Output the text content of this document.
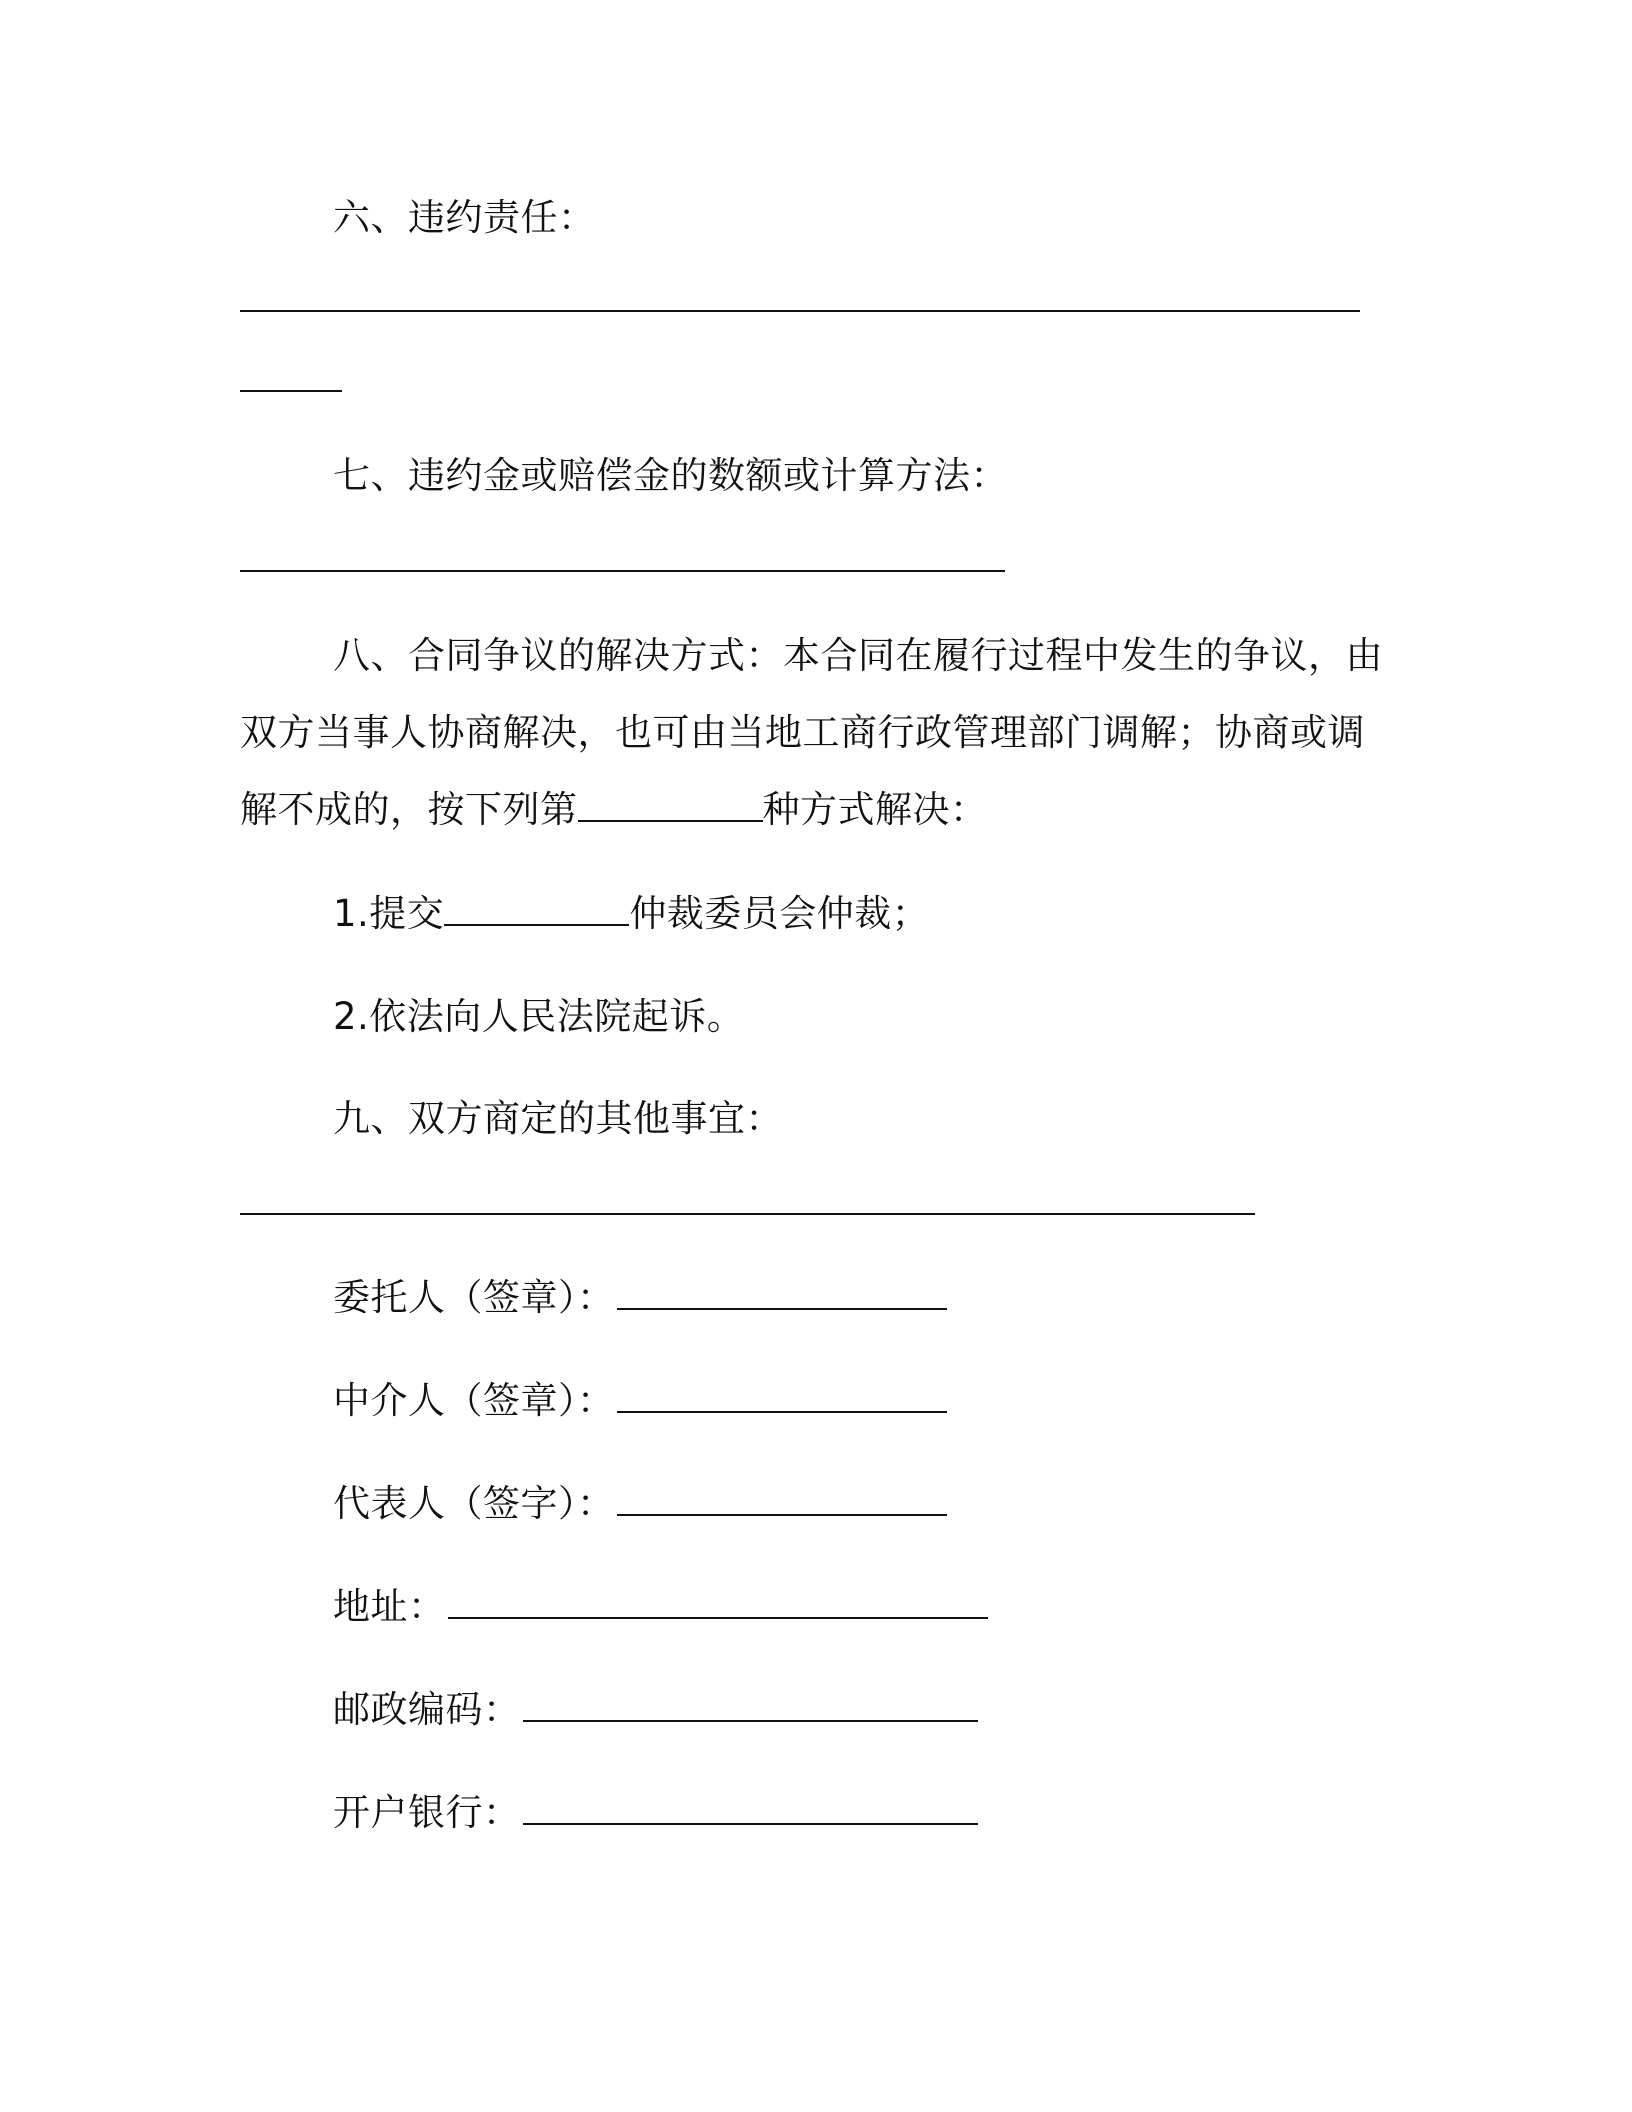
六、违约责任：
七、违约金或赔偿金的数额或计算方法：
八、合同争议的解决方式：本合同在履行过程中发生的争议，由
双方当事人协商解决，也可由当地工商行政管理部门调解；协商或调
解不成的，按下列第	种方式解决：
1.提交	仲裁委员会仲裁；
2.依法向人民法院起诉。
九、双方商定的其他事宜：
委托人（签章）：
中介人（签章）：
代表人（签字）：
地址：
邮政编码：
开户银行：
